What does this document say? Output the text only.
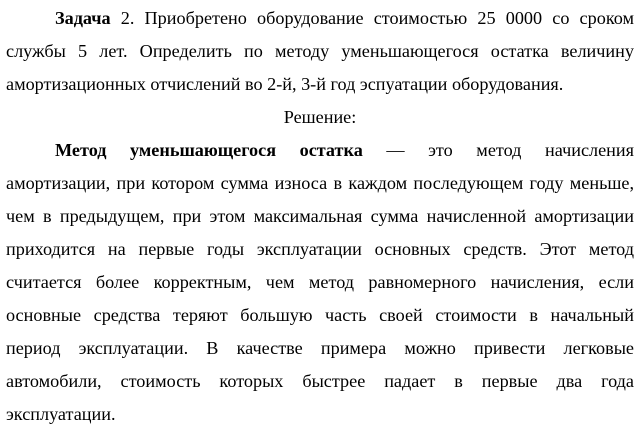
Задача 2. Приобретено оборудование стоимостью 25 0000 со сроком
службы 5 лет. Определить по методу уменьшающегося остатка величину
амортизационных отчислений во 2-й, 3-й год эспуатации оборудования.
Решение:
Метод уменьшающегося остатка — это метод начисления
амортизации, при котором сумма износа в каждом последующем году меньше,
чем в предыдущем, при этом максимальная сумма начисленной амортизации
приходится на первые годы эксплуатации основных средств. Этот метод
считается более корректным, чем метод равномерного начисления, если
основные средства теряют большую часть своей стоимости в начальный
период эксплуатации. В качестве примера можно привести легковые
автомобили, стоимость которых быстрее падает в первые два года
эксплуатации.
